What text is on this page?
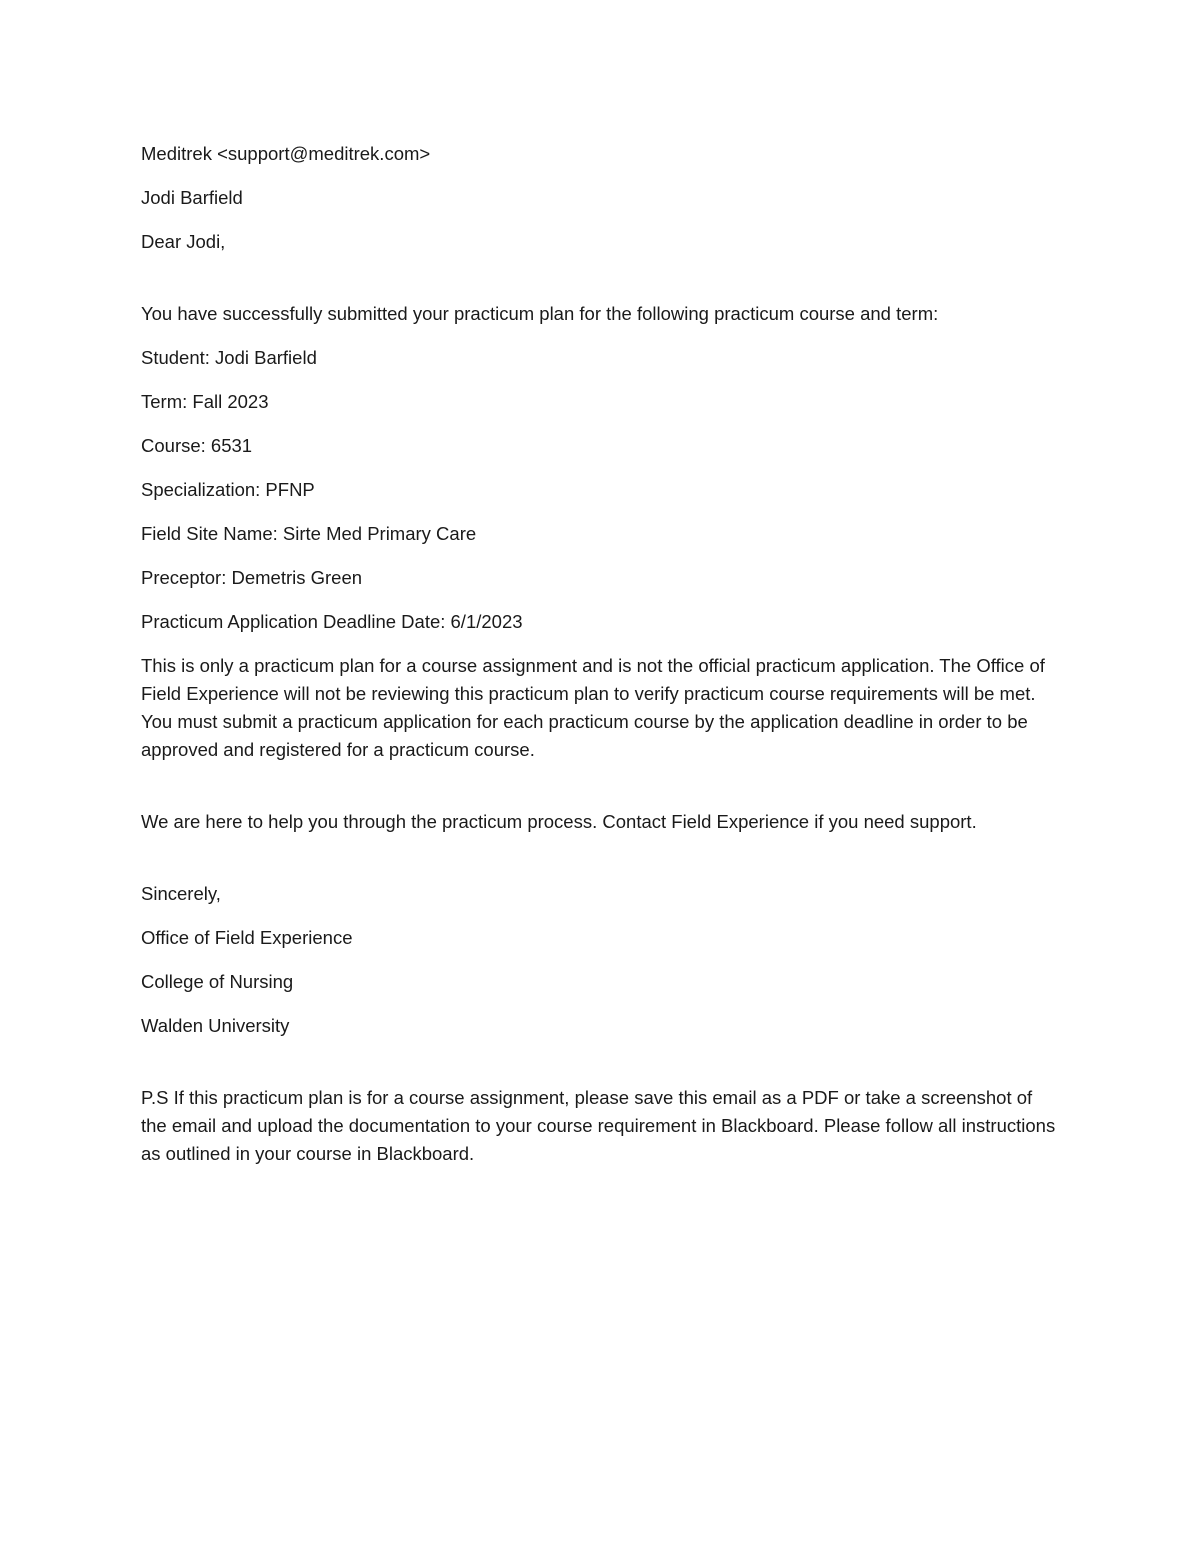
Meditrek <support@meditrek.com>

Jodi Barfield

Dear Jodi,

You have successfully submitted your practicum plan for the following practicum course and term:

Student: Jodi Barfield

Term: Fall 2023

Course: 6531

Specialization: PFNP

Field Site Name: Sirte Med Primary Care

Preceptor: Demetris Green

Practicum Application Deadline Date: 6/1/2023

This is only a practicum plan for a course assignment and is not the official practicum application. The Office of Field Experience will not be reviewing this practicum plan to verify practicum course requirements will be met. You must submit a practicum application for each practicum course by the application deadline in order to be approved and registered for a practicum course.

We are here to help you through the practicum process. Contact Field Experience if you need support.

Sincerely,

Office of Field Experience

College of Nursing

Walden University

P.S If this practicum plan is for a course assignment, please save this email as a PDF or take a screenshot of the email and upload the documentation to your course requirement in Blackboard. Please follow all instructions as outlined in your course in Blackboard.
